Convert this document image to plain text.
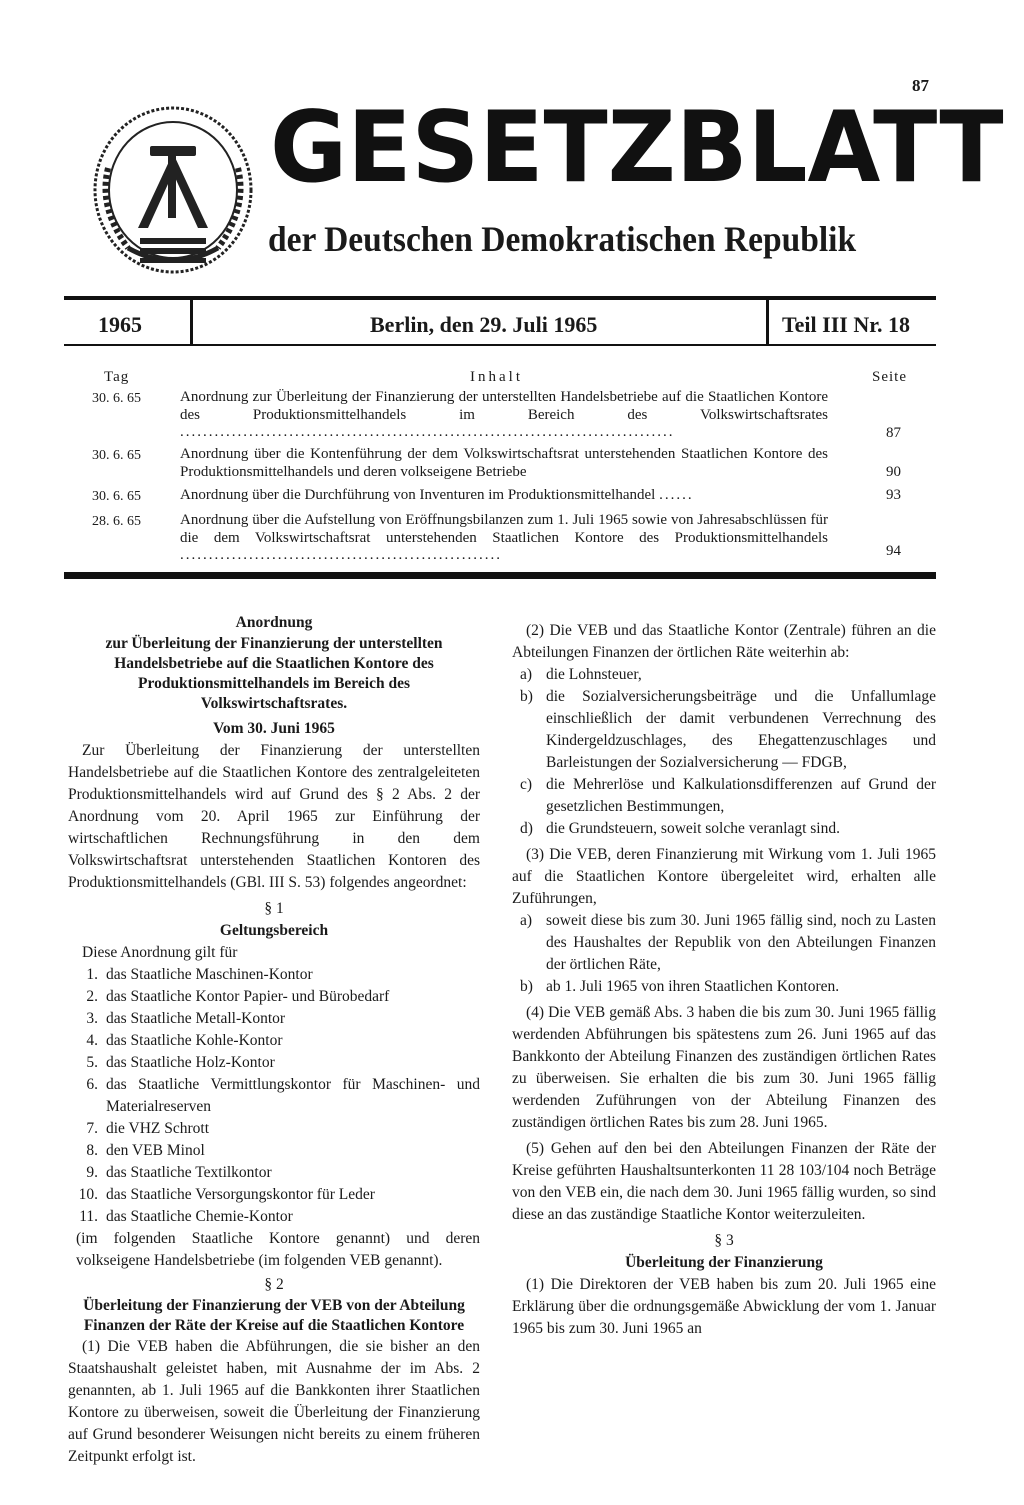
87
GESETZBLATT
der Deutschen Demokratischen Republik
1965	Berlin, den 29. Juli 1965	Teil III Nr. 18
Tag	Inhalt	Seite
30. 6. 65	Anordnung zur Überleitung der Finanzierung der unterstellten Handelsbetriebe auf die Staatlichen Kontore des Produktionsmittelhandels im Bereich des Volkswirtschaftsrates ......................................................................................	87
30. 6. 65	Anordnung über die Kontenführung der dem Volkswirtschaftsrat unterstehenden Staatlichen Kontore des Produktionsmittelhandels und deren volkseigene Betriebe	90
30. 6. 65	Anordnung über die Durchführung von Inventuren im Produktionsmittelhandel ......	93
28. 6. 65	Anordnung über die Aufstellung von Eröffnungsbilanzen zum 1. Juli 1965 sowie von Jahresabschlüssen für die dem Volkswirtschaftsrat unterstehenden Staatlichen Kontore des Produktionsmittelhandels ........................................................	94

Anordnung

zur Überleitung der Finanzierung der unterstellten Handelsbetriebe auf die Staatlichen Kontore des Produktionsmittelhandels im Bereich des Volkswirtschaftsrates.

Vom 30. Juni 1965

Zur Überleitung der Finanzierung der unterstellten Handelsbetriebe auf die Staatlichen Kontore des zentralgeleiteten Produktionsmittelhandels wird auf Grund des § 2 Abs. 2 der Anordnung vom 20. April 1965 zur Einführung der wirtschaftlichen Rechnungsführung in den dem Volkswirtschaftsrat unterstehenden Staatlichen Kontoren des Produktionsmittelhandels (GBl. III S. 53) folgendes angeordnet:

§ 1

Geltungsbereich

Diese Anordnung gilt für

1. das Staatliche Maschinen-Kontor
2. das Staatliche Kontor Papier- und Bürobedarf
3. das Staatliche Metall-Kontor
4. das Staatliche Kohle-Kontor
5. das Staatliche Holz-Kontor
6. das Staatliche Vermittlungskontor für Maschinen- und Materialreserven
7. die VHZ Schrott
8. den VEB Minol
9. das Staatliche Textilkontor
10. das Staatliche Versorgungskontor für Leder
11. das Staatliche Chemie-Kontor

(im folgenden Staatliche Kontore genannt) und deren volkseigene Handelsbetriebe (im folgenden VEB genannt).

§ 2

Überleitung der Finanzierung der VEB von der Abteilung Finanzen der Räte der Kreise auf die Staatlichen Kontore

(1) Die VEB haben die Abführungen, die sie bisher an den Staatshaushalt geleistet haben, mit Ausnahme der im Abs. 2 genannten, ab 1. Juli 1965 auf die Bankkonten ihrer Staatlichen Kontore zu überweisen, soweit die Überleitung der Finanzierung auf Grund besonderer Weisungen nicht bereits zu einem früheren Zeitpunkt erfolgt ist.

(2) Die VEB und das Staatliche Kontor (Zentrale) führen an die Abteilungen Finanzen der örtlichen Räte weiterhin ab:

a) die Lohnsteuer,
b) die Sozialversicherungsbeiträge und die Unfallumlage einschließlich der damit verbundenen Verrechnung des Kindergeldzuschlages, des Ehegattenzuschlages und Barleistungen der Sozialversicherung — FDGB,
c) die Mehrerlöse und Kalkulationsdifferenzen auf Grund der gesetzlichen Bestimmungen,
d) die Grundsteuern, soweit solche veranlagt sind.

(3) Die VEB, deren Finanzierung mit Wirkung vom 1. Juli 1965 auf die Staatlichen Kontore übergeleitet wird, erhalten alle Zuführungen,

a) soweit diese bis zum 30. Juni 1965 fällig sind, noch zu Lasten des Haushaltes der Republik von den Abteilungen Finanzen der örtlichen Räte,
b) ab 1. Juli 1965 von ihren Staatlichen Kontoren.

(4) Die VEB gemäß Abs. 3 haben die bis zum 30. Juni 1965 fällig werdenden Abführungen bis spätestens zum 26. Juni 1965 auf das Bankkonto der Abteilung Finanzen des zuständigen örtlichen Rates zu überweisen. Sie erhalten die bis zum 30. Juni 1965 fällig werdenden Zuführungen von der Abteilung Finanzen des zuständigen örtlichen Rates bis zum 28. Juni 1965.

(5) Gehen auf den bei den Abteilungen Finanzen der Räte der Kreise geführten Haushaltsunterkonten 11 28 103/104 noch Beträge von den VEB ein, die nach dem 30. Juni 1965 fällig wurden, so sind diese an das zuständige Staatliche Kontor weiterzuleiten.

§ 3

Überleitung der Finanzierung

(1) Die Direktoren der VEB haben bis zum 20. Juli 1965 eine Erklärung über die ordnungsgemäße Abwicklung der vom 1. Januar 1965 bis zum 30. Juni 1965 an
